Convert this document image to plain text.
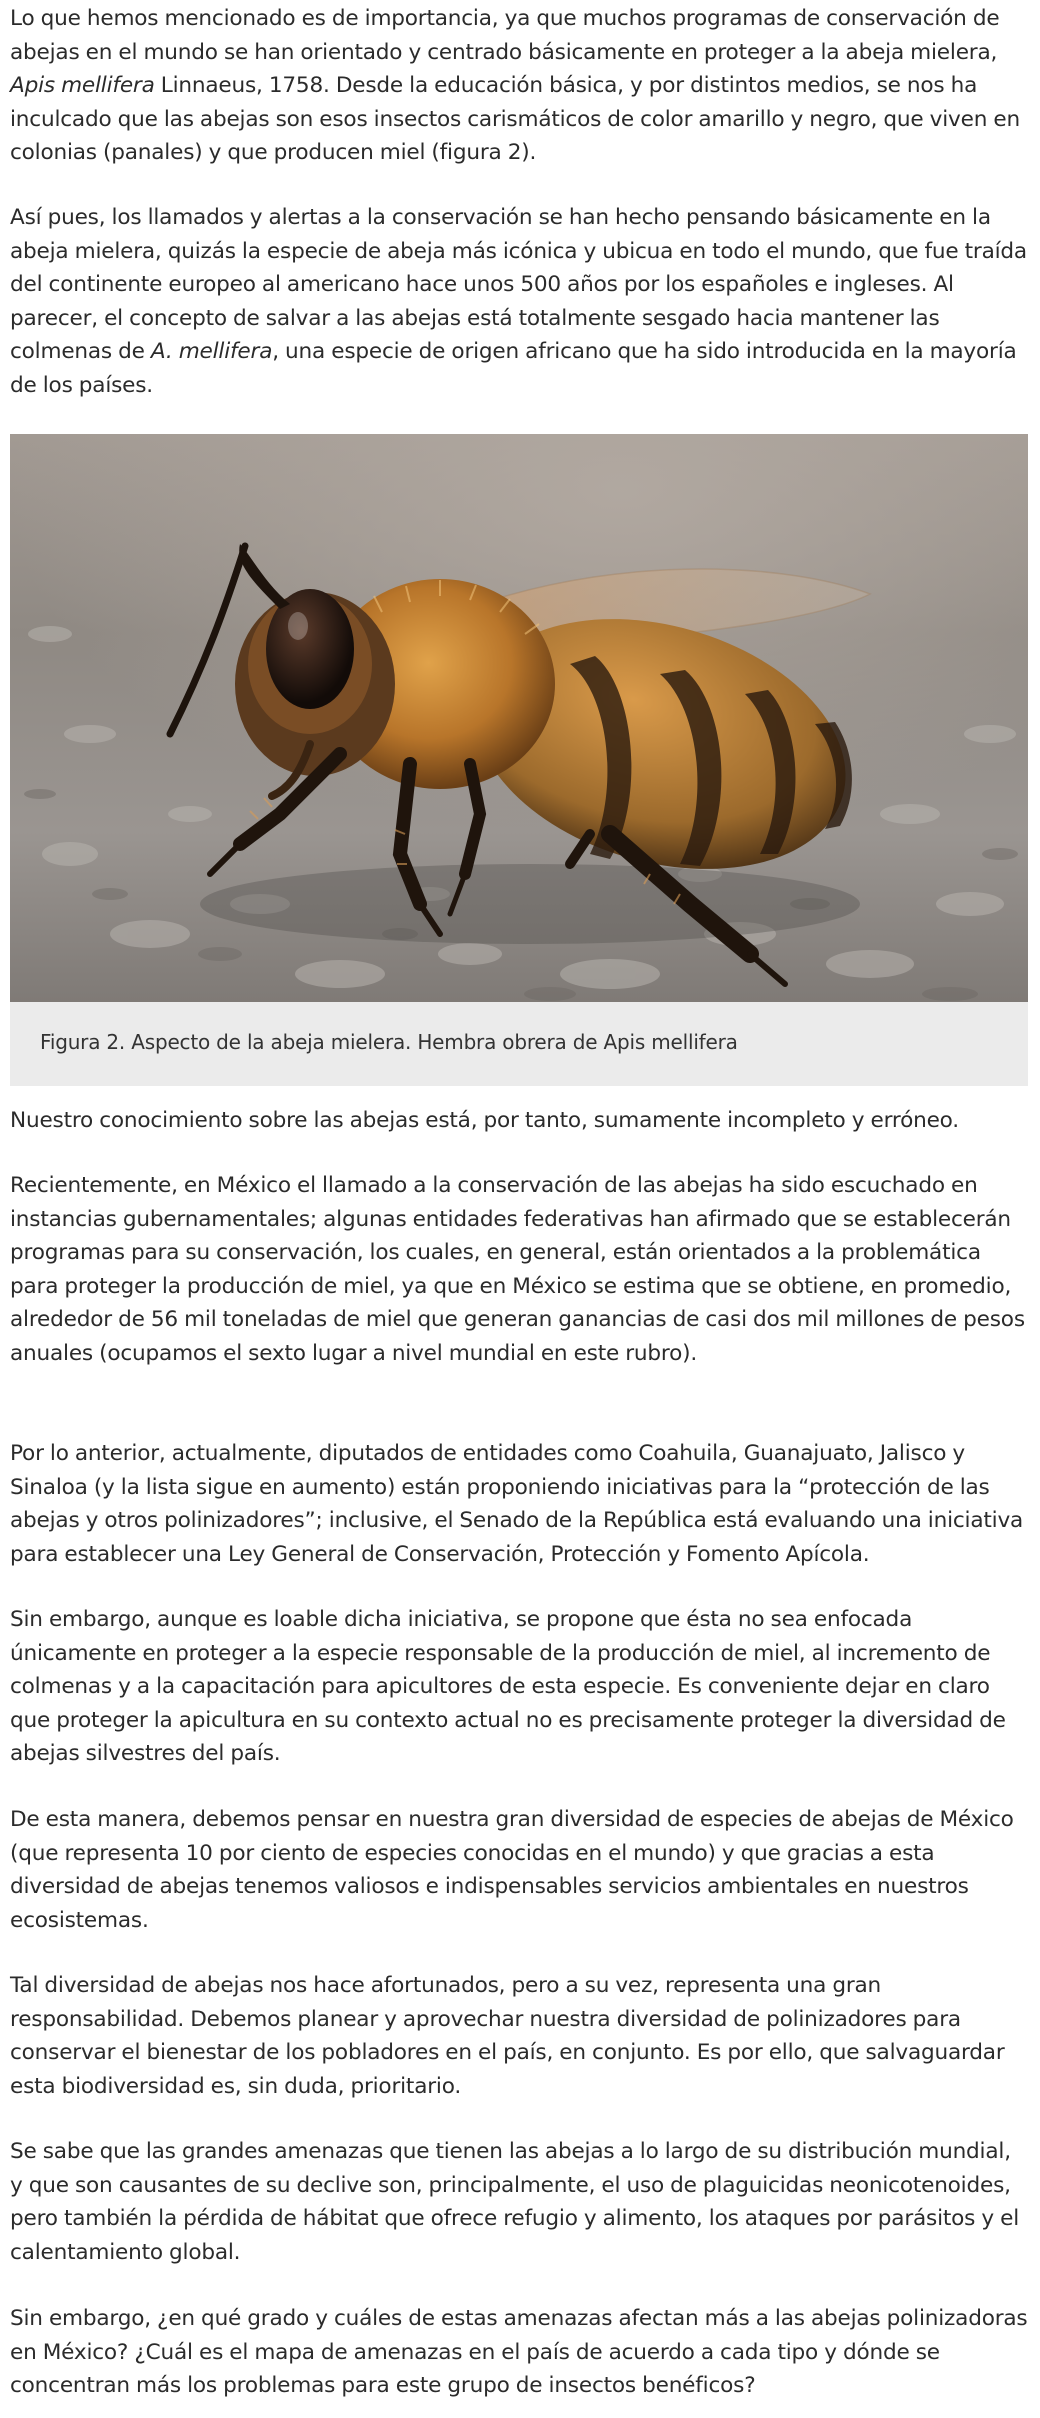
Lo que hemos mencionado es de importancia, ya que muchos programas de conservación de abejas en el mundo se han orientado y centrado básicamente en proteger a la abeja mielera, Apis mellifera Linnaeus, 1758. Desde la educación básica, y por distintos medios, se nos ha inculcado que las abejas son esos insectos carismáticos de color amarillo y negro, que viven en colonias (panales) y que producen miel (figura 2).

Así pues, los llamados y alertas a la conservación se han hecho pensando básicamente en la abeja mielera, quizás la especie de abeja más icónica y ubicua en todo el mundo, que fue traída del continente europeo al americano hace unos 500 años por los españoles e ingleses. Al parecer, el concepto de salvar a las abejas está totalmente sesgado hacia mantener las colmenas de A. mellifera, una especie de origen africano que ha sido introducida en la mayoría de los países.

Figura 2. Aspecto de la abeja mielera. Hembra obrera de Apis mellifera

Nuestro conocimiento sobre las abejas está, por tanto, sumamente incompleto y erróneo.

Recientemente, en México el llamado a la conservación de las abejas ha sido escuchado en instancias gubernamentales; algunas entidades federativas han afirmado que se establecerán programas para su conservación, los cuales, en general, están orientados a la problemática para proteger la producción de miel, ya que en México se estima que se obtiene, en promedio, alrededor de 56 mil toneladas de miel que generan ganancias de casi dos mil millones de pesos anuales (ocupamos el sexto lugar a nivel mundial en este rubro).

Por lo anterior, actualmente, diputados de entidades como Coahuila, Guanajuato, Jalisco y Sinaloa (y la lista sigue en aumento) están proponiendo iniciativas para la “protección de las abejas y otros polinizadores”; inclusive, el Senado de la República está evaluando una iniciativa para establecer una Ley General de Conservación, Protección y Fomento Apícola.

Sin embargo, aunque es loable dicha iniciativa, se propone que ésta no sea enfocada únicamente en proteger a la especie responsable de la producción de miel, al incremento de colmenas y a la capacitación para apicultores de esta especie. Es conveniente dejar en claro que proteger la apicultura en su contexto actual no es precisamente proteger la diversidad de abejas silvestres del país.

De esta manera, debemos pensar en nuestra gran diversidad de especies de abejas de México (que representa 10 por ciento de especies conocidas en el mundo) y que gracias a esta diversidad de abejas tenemos valiosos e indispensables servicios ambientales en nuestros ecosistemas.

Tal diversidad de abejas nos hace afortunados, pero a su vez, representa una gran responsabilidad. Debemos planear y aprovechar nuestra diversidad de polinizadores para conservar el bienestar de los pobladores en el país, en conjunto. Es por ello, que salvaguardar esta biodiversidad es, sin duda, prioritario.

Se sabe que las grandes amenazas que tienen las abejas a lo largo de su distribución mundial, y que son causantes de su declive son, principalmente, el uso de plaguicidas neonicotenoides, pero también la pérdida de hábitat que ofrece refugio y alimento, los ataques por parásitos y el calentamiento global.

Sin embargo, ¿en qué grado y cuáles de estas amenazas afectan más a las abejas polinizadoras en México? ¿Cuál es el mapa de amenazas en el país de acuerdo a cada tipo y dónde se concentran más los problemas para este grupo de insectos benéficos?
